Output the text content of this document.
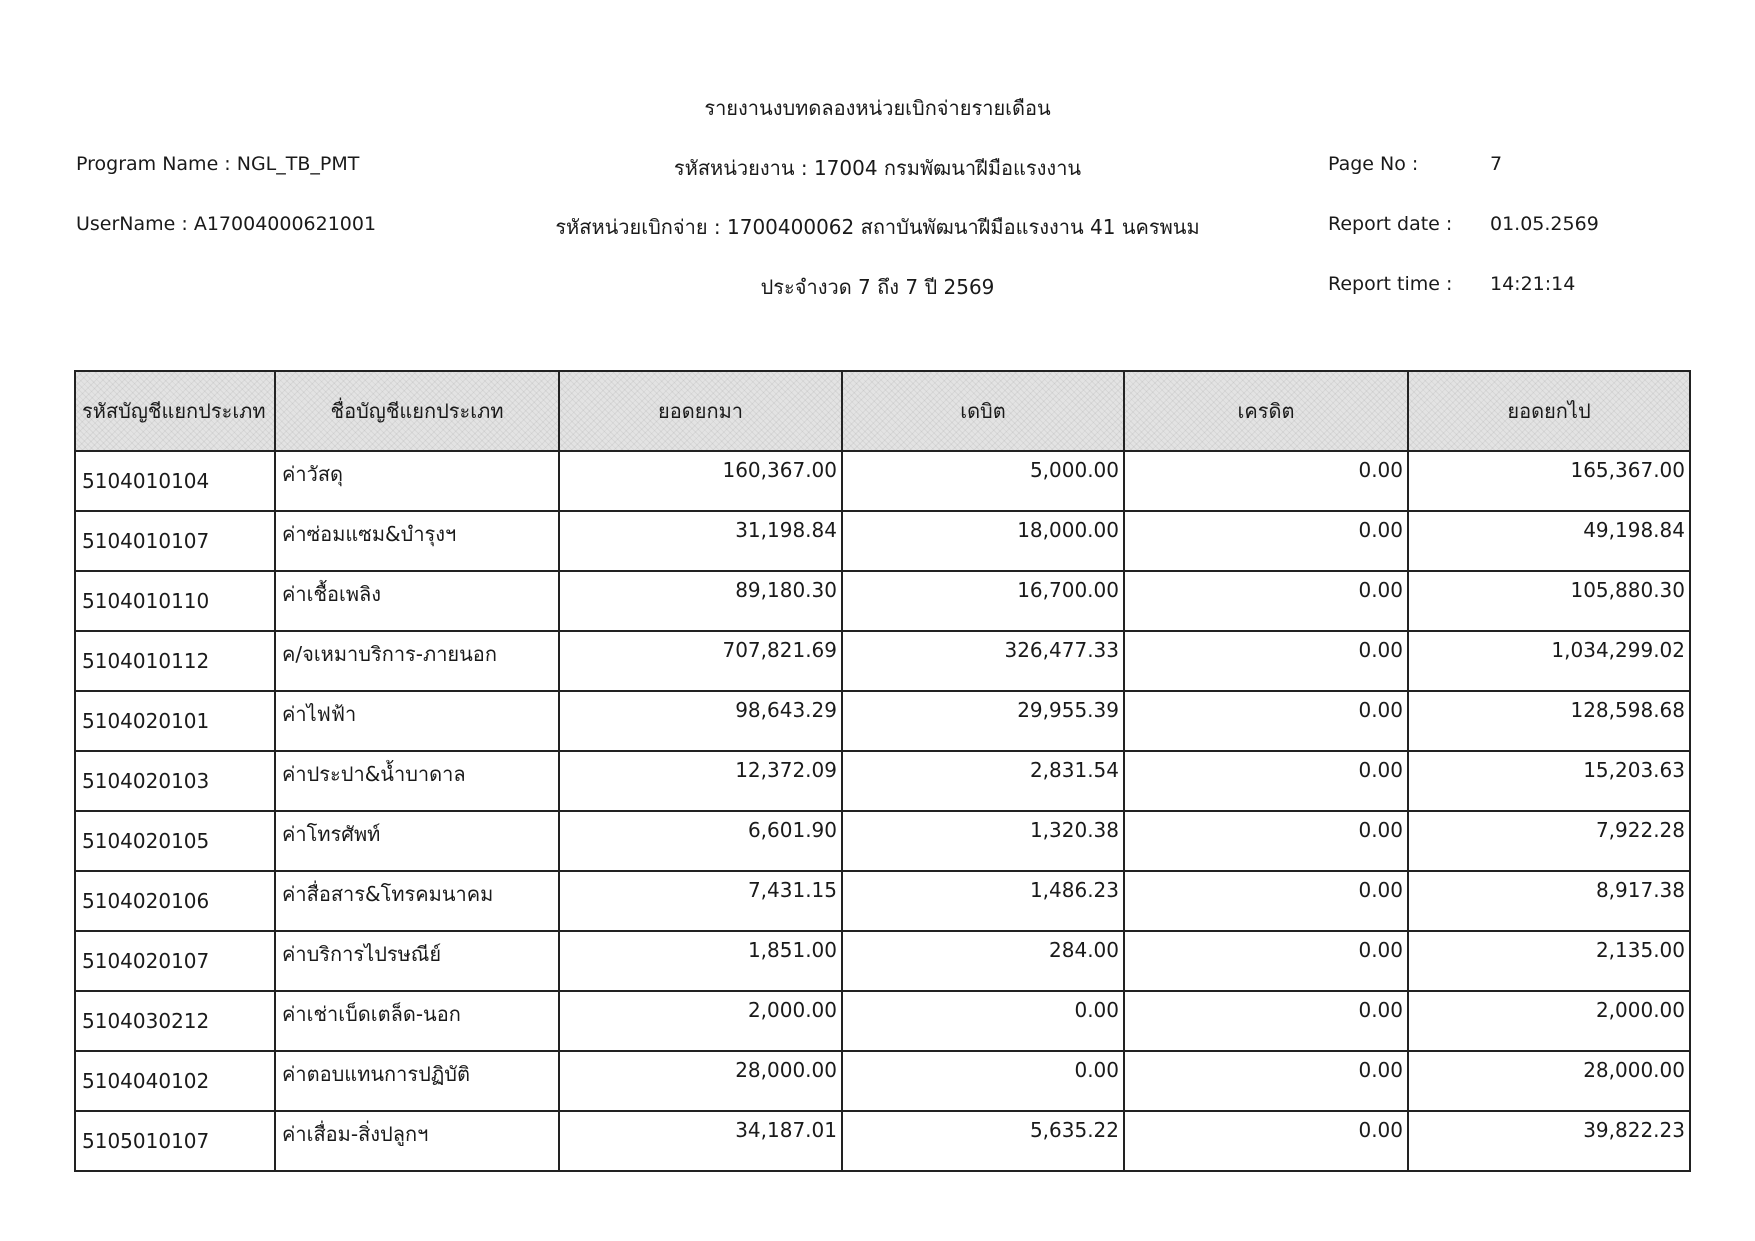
รายงานงบทดลองหน่วยเบิกจ่ายรายเดือน
รหัสหน่วยงาน : 17004 กรมพัฒนาฝีมือแรงงาน
รหัสหน่วยเบิกจ่าย : 1700400062 สถาบันพัฒนาฝีมือแรงงาน 41 นครพนม
ประจำงวด 7 ถึง 7 ปี 2569
Program Name : NGL_TB_PMT
UserName : A17004000621001
Page No :	7
Report date : 01.05.2569
Report time : 14:21:14
รหัสบัญชีแยกประเภท	ชื่อบัญชีแยกประเภท	ยอดยกมา	เดบิต	เครดิต	ยอดยกไป
5104010104	ค่าวัสดุ	160,367.00	5,000.00	0.00	165,367.00
5104010107	ค่าซ่อมแซม&บำรุงฯ	31,198.84	18,000.00	0.00	49,198.84
5104010110	ค่าเชื้อเพลิง	89,180.30	16,700.00	0.00	105,880.30
5104010112	ค/จเหมาบริการ-ภายนอก	707,821.69	326,477.33	0.00	1,034,299.02
5104020101	ค่าไฟฟ้า	98,643.29	29,955.39	0.00	128,598.68
5104020103	ค่าประปา&น้ำบาดาล	12,372.09	2,831.54	0.00	15,203.63
5104020105	ค่าโทรศัพท์	6,601.90	1,320.38	0.00	7,922.28
5104020106	ค่าสื่อสาร&โทรคมนาคม	7,431.15	1,486.23	0.00	8,917.38
5104020107	ค่าบริการไปรษณีย์	1,851.00	284.00	0.00	2,135.00
5104030212	ค่าเช่าเบ็ดเตล็ด-นอก	2,000.00	0.00	0.00	2,000.00
5104040102	ค่าตอบแทนการปฏิบัติ	28,000.00	0.00	0.00	28,000.00
5105010107	ค่าเสื่อม-สิ่งปลูกฯ	34,187.01	5,635.22	0.00	39,822.23
